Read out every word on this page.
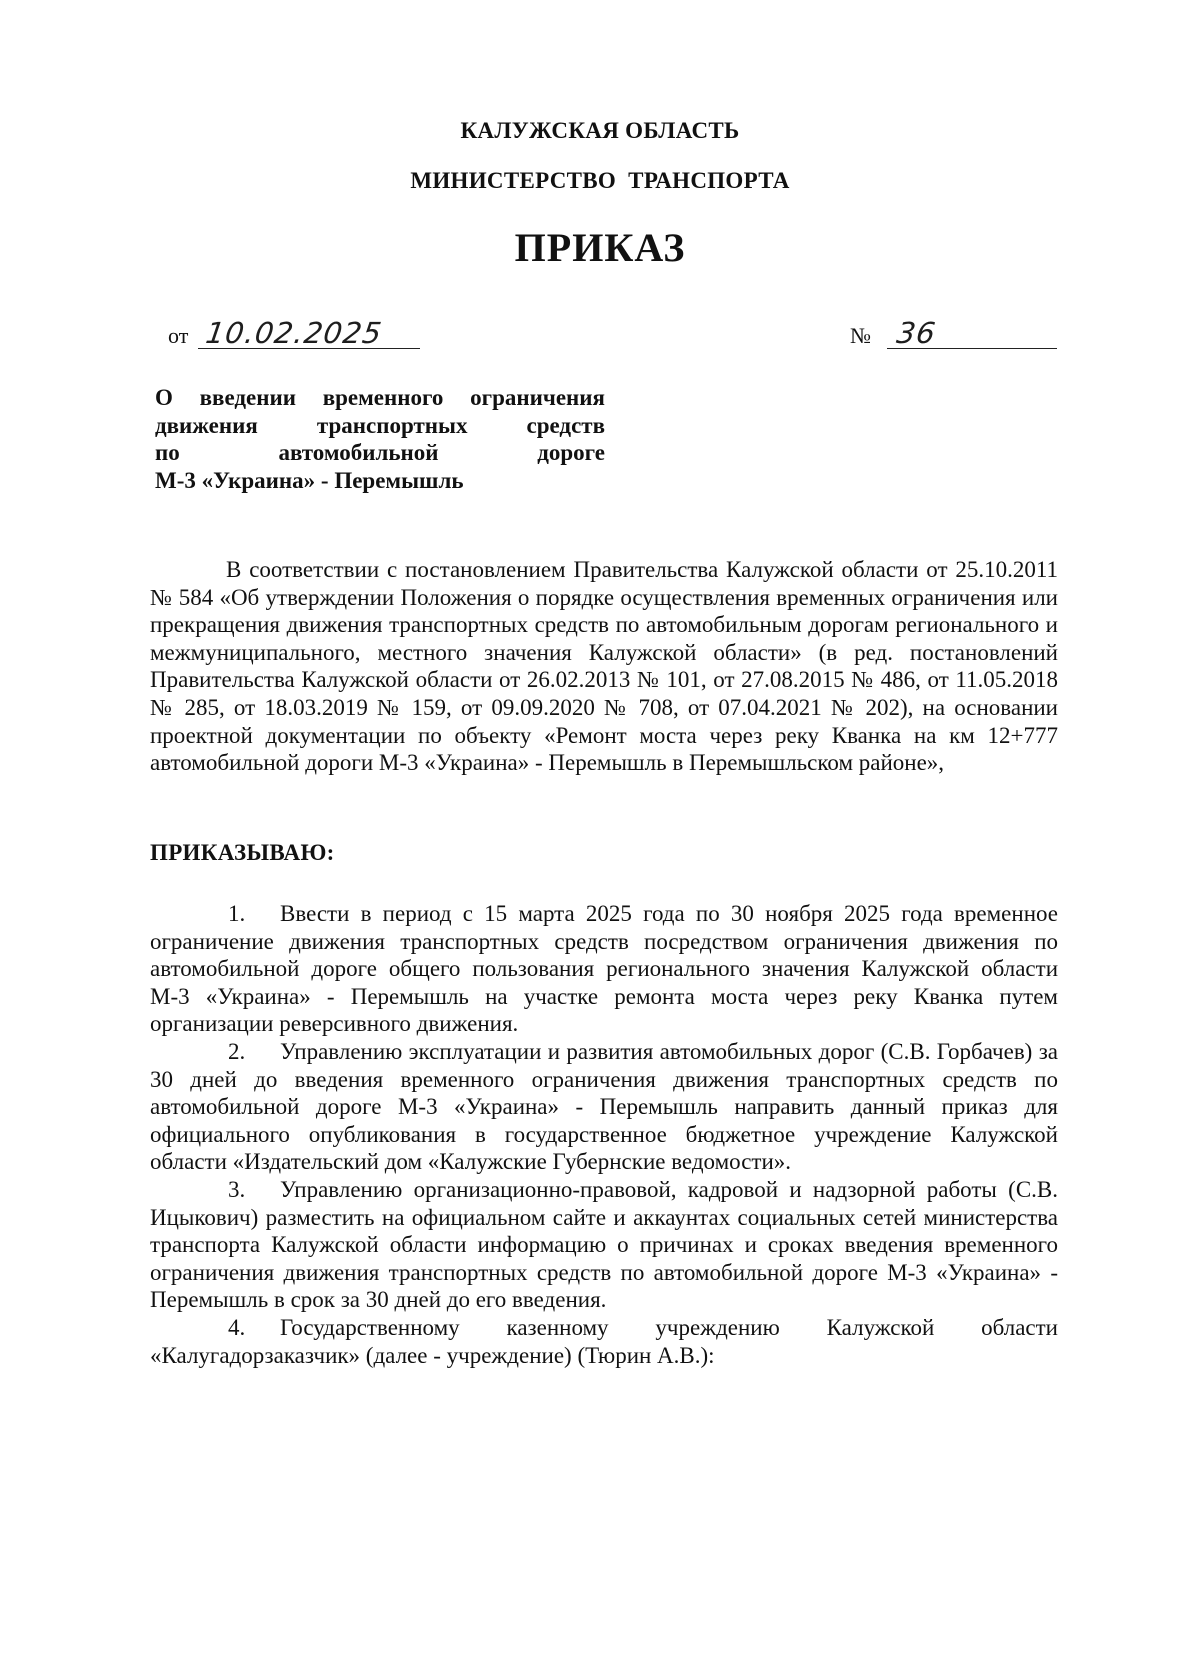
КАЛУЖСКАЯ ОБЛАСТЬ
МИНИСТЕРСТВО ТРАНСПОРТА
ПРИКАЗ
от 10.02.2025	№ 36
О введении временного ограничения
движения транспортных средств
по автомобильной дороге
М-3 «Украина» - Перемышль
В соответствии с постановлением Правительства Калужской области от 25.10.2011 № 584 «Об утверждении Положения о порядке осуществления временных ограничения или прекращения движения транспортных средств по автомобильным дорогам регионального и межмуниципального, местного значения Калужской области» (в ред. постановлений Правительства Калужской области от 26.02.2013 № 101, от 27.08.2015 № 486, от 11.05.2018 № 285, от 18.03.2019 № 159, от 09.09.2020 № 708, от 07.04.2021 № 202), на основании проектной документации по объекту «Ремонт моста через реку Кванка на км 12+777 автомобильной дороги М-3 «Украина» - Перемышль в Перемышльском районе»,
ПРИКАЗЫВАЮ:

1. Ввести в период с 15 марта 2025 года по 30 ноября 2025 года временное ограничение движения транспортных средств посредством ограничения движения по автомобильной дороге общего пользования регионального значения Калужской области М-3 «Украина» - Перемышль на участке ремонта моста через реку Кванка путем организации реверсивного движения.

2. Управлению эксплуатации и развития автомобильных дорог (С.В. Горбачев) за 30 дней до введения временного ограничения движения транспортных средств по автомобильной дороге М-3 «Украина» - Перемышль направить данный приказ для официального опубликования в государственное бюджетное учреждение Калужской области «Издательский дом «Калужские Губернские ведомости».

3. Управлению организационно-правовой, кадровой и надзорной работы (С.В. Ицыкович) разместить на официальном сайте и аккаунтах социальных сетей министерства транспорта Калужской области информацию о причинах и сроках введения временного ограничения движения транспортных средств по автомобильной дороге М-3 «Украина» - Перемышль в срок за 30 дней до его введения.

4. Государственному казенному учреждению Калужской области «Калугадорзаказчик» (далее - учреждение) (Тюрин А.В.):
